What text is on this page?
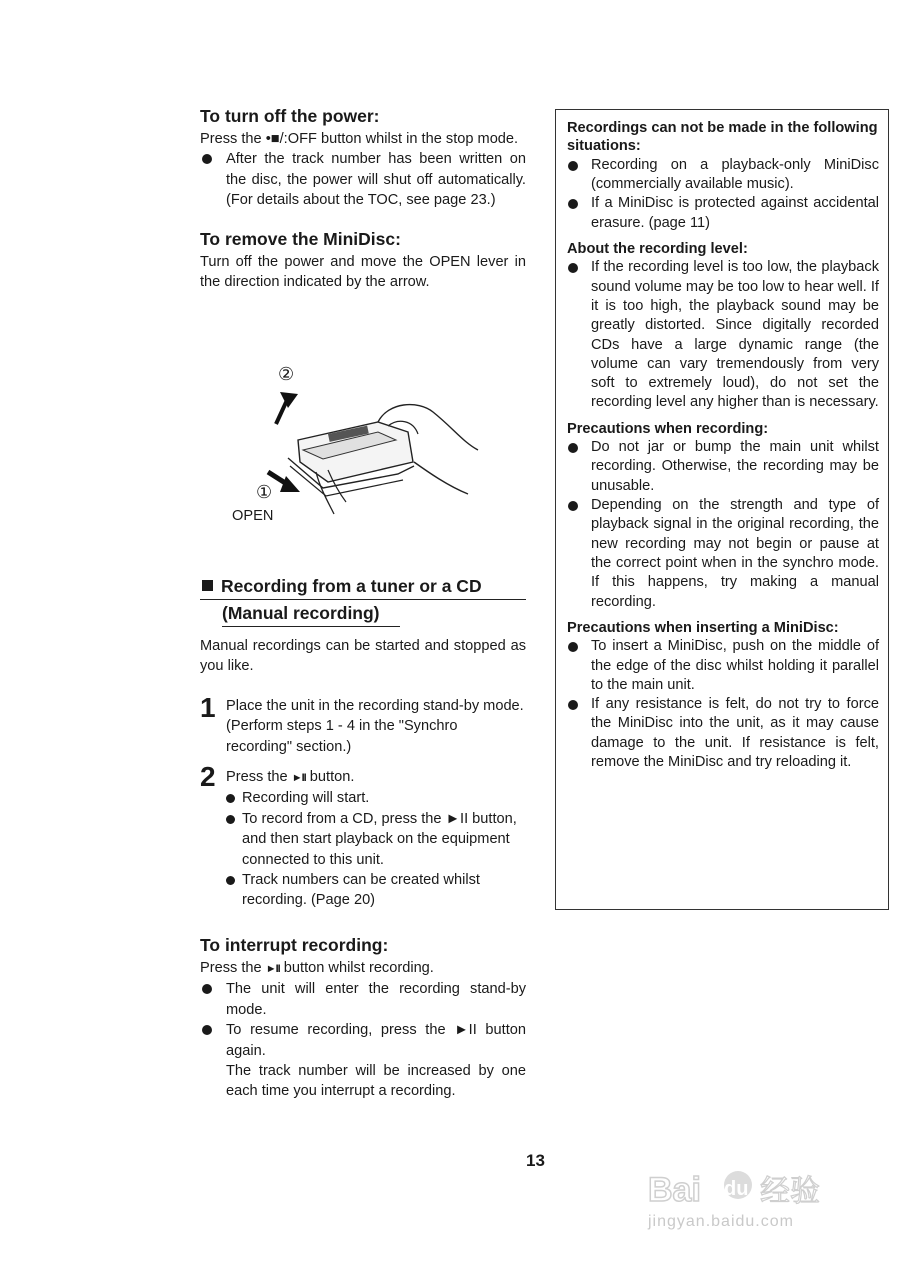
To turn off the power:
Press the •■/:OFF button whilst in the stop mode.
After the track number has been written on the disc, the power will shut off automatically. (For details about the TOC, see page 23.)
To remove the MiniDisc:
Turn off the power and move the OPEN lever in the direction indicated by the arrow.
②
①
OPEN
Recording from a tuner or a CD
(Manual recording)
Manual recordings can be started and stopped as you like.
1 Place the unit in the recording stand-by mode. (Perform steps 1 - 4 in the "Synchro recording" section.)
2 Press the ►II button.
Recording will start.
To record from a CD, press the ►II button, and then start playback on the equipment connected to this unit.
Track numbers can be created whilst recording. (Page 20)
To interrupt recording:
Press the ►II button whilst recording.
The unit will enter the recording stand-by mode.
To resume recording, press the ►II button again.
The track number will be increased by one each time you interrupt a recording.
Recordings can not be made in the following situations:
Recording on a playback-only MiniDisc (commercially available music).
If a MiniDisc is protected against accidental erasure. (page 11)
About the recording level:
If the recording level is too low, the playback sound volume may be too low to hear well. If it is too high, the playback sound may be greatly distorted. Since digitally recorded CDs have a large dynamic range (the volume can vary tremendously from very soft to extremely loud), do not set the recording level any higher than is necessary.
Precautions when recording:
Do not jar or bump the main unit whilst recording. Otherwise, the recording may be unusable.
Depending on the strength and type of playback signal in the original recording, the new recording may not begin or pause at the correct point when in the synchro mode. If this happens, try making a manual recording.
Precautions when inserting a MiniDisc:
To insert a MiniDisc, push on the middle of the edge of the disc whilst holding it parallel to the main unit.
If any resistance is felt, do not try to force the MiniDisc into the unit, as it may cause damage to the unit. If resistance is felt, remove the MiniDisc and try reloading it.
13
Bai du 经验
jingyan.baidu.com
